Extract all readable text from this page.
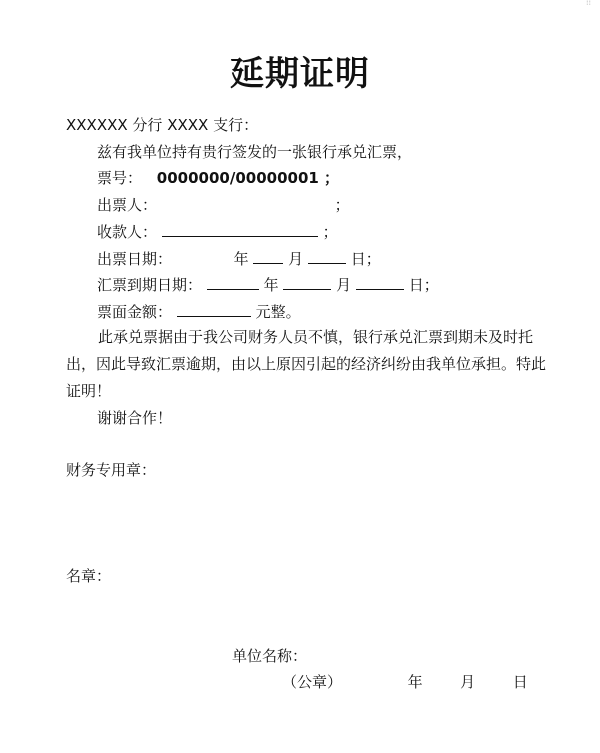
⁞⁞
延期证明
XXXXXX 分行 XXXX 支行：
兹有我单位持有贵行签发的一张银行承兑汇票，
票号： 0000000/00000001 ；
出票人：	；
收款人：	；
出票日期：	年	月	日；
汇票到期日期：	年	月	日；
票面金额：	元整。
此承兑票据由于我公司财务人员不慎，银行承兑汇票到期未及时托出，因此导致汇票逾期，由以上原因引起的经济纠纷由我单位承担。特此证明！
谢谢合作！
财务专用章：
名章：
单位名称：
（公章）	年	月	日
